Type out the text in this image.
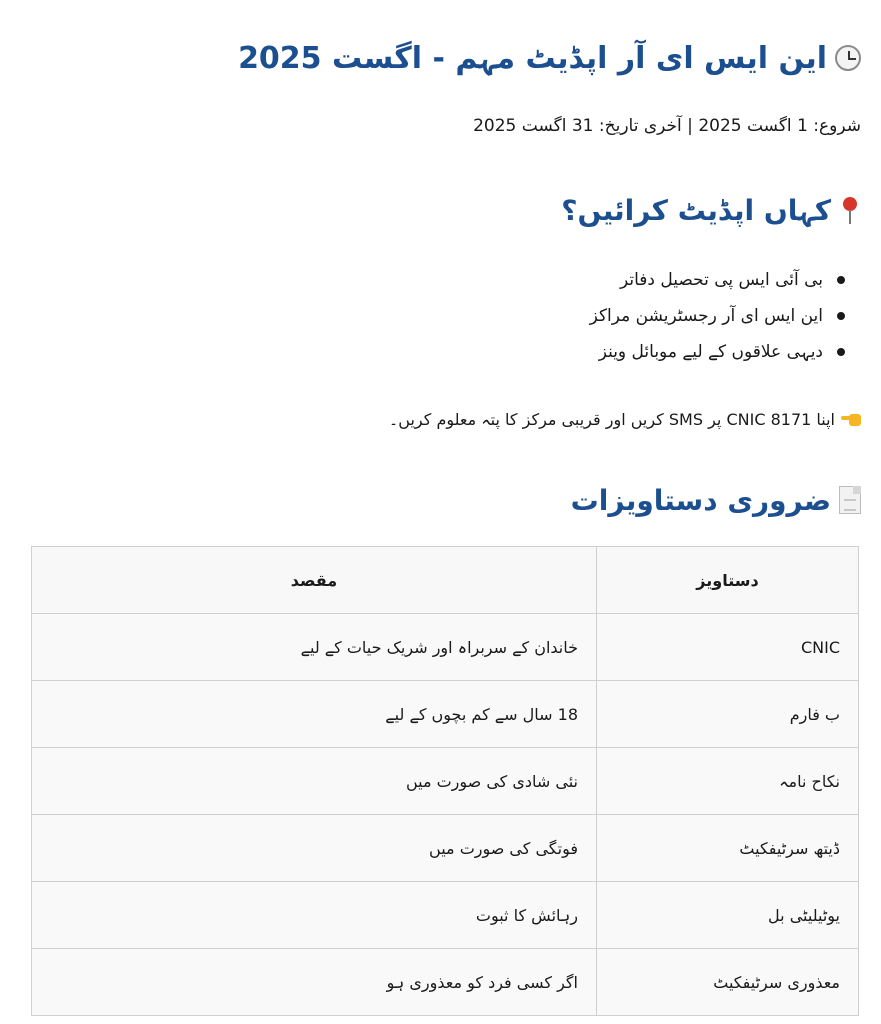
این ایس ای آر اپڈیٹ مہم - اگست 2025
شروع: 1 اگست 2025 | آخری تاریخ: 31 اگست 2025
کہاں اپڈیٹ کرائیں؟
بی آئی ایس پی تحصیل دفاتر
این ایس ای آر رجسٹریشن مراکز
دیہی علاقوں کے لیے موبائل وینز
اپنا CNIC 8171 پر SMS کریں اور قریبی مرکز کا پتہ معلوم کریں۔
ضروری دستاویزات
دستاویز	مقصد
CNIC	خاندان کے سربراہ اور شریک حیات کے لیے
ب فارم	18 سال سے کم بچوں کے لیے
نکاح نامہ	نئی شادی کی صورت میں
ڈیتھ سرٹیفکیٹ	فوتگی کی صورت میں
یوٹیلیٹی بل	رہائش کا ثبوت
معذوری سرٹیفکیٹ	اگر کسی فرد کو معذوری ہو
